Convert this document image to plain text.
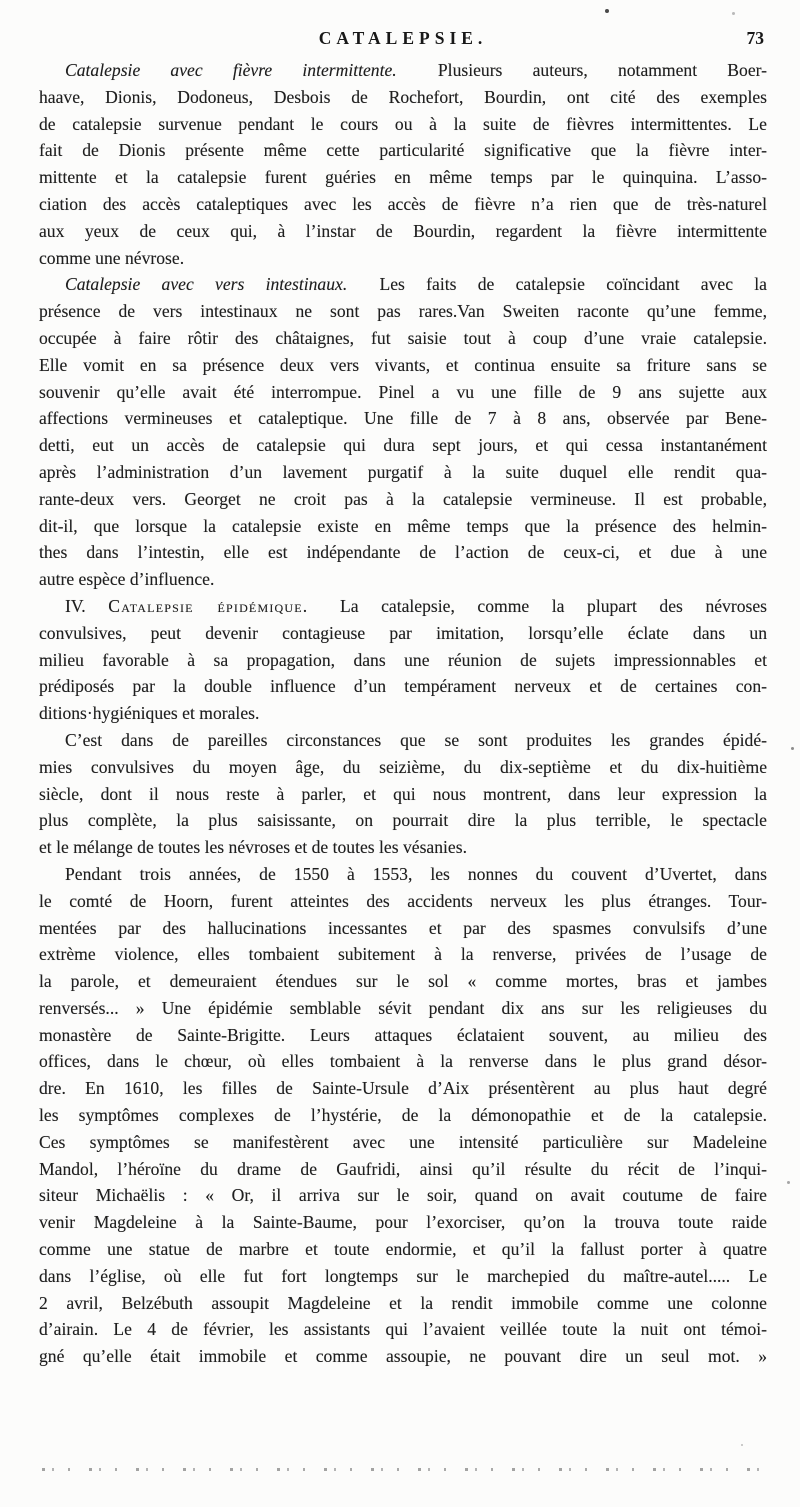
CATALEPSIE.	73
Catalepsie avec fièvre intermittente. Plusieurs auteurs, notamment Boer-
haave, Dionis, Dodoneus, Desbois de Rochefort, Bourdin, ont cité des exemples
de catalepsie survenue pendant le cours ou à la suite de fièvres intermittentes. Le
fait de Dionis présente même cette particularité significative que la fièvre inter-
mittente et la catalepsie furent guéries en même temps par le quinquina. L’asso-
ciation des accès cataleptiques avec les accès de fièvre n’a rien que de très-naturel
aux yeux de ceux qui, à l’instar de Bourdin, regardent la fièvre intermittente
comme une névrose.
Catalepsie avec vers intestinaux. Les faits de catalepsie coïncidant avec la
présence de vers intestinaux ne sont pas rares.Van Sweiten raconte qu’une femme,
occupée à faire rôtir des châtaignes, fut saisie tout à coup d’une vraie catalepsie.
Elle vomit en sa présence deux vers vivants, et continua ensuite sa friture sans se
souvenir qu’elle avait été interrompue. Pinel a vu une fille de 9 ans sujette aux
affections vermineuses et cataleptique. Une fille de 7 à 8 ans, observée par Bene-
detti, eut un accès de catalepsie qui dura sept jours, et qui cessa instantanément
après l’administration d’un lavement purgatif à la suite duquel elle rendit qua-
rante-deux vers. Georget ne croit pas à la catalepsie vermineuse. Il est probable,
dit-il, que lorsque la catalepsie existe en même temps que la présence des helmin-
thes dans l’intestin, elle est indépendante de l’action de ceux-ci, et due à une
autre espèce d’influence.
IV. Catalepsie épidémique. La catalepsie, comme la plupart des névroses
convulsives, peut devenir contagieuse par imitation, lorsqu’elle éclate dans un
milieu favorable à sa propagation, dans une réunion de sujets impressionnables et
prédiposés par la double influence d’un tempérament nerveux et de certaines con-
ditions·hygiéniques et morales.
C’est dans de pareilles circonstances que se sont produites les grandes épidé-
mies convulsives du moyen âge, du seizième, du dix-septième et du dix-huitième
siècle, dont il nous reste à parler, et qui nous montrent, dans leur expression la
plus complète, la plus saisissante, on pourrait dire la plus terrible, le spectacle
et le mélange de toutes les névroses et de toutes les vésanies.
Pendant trois années, de 1550 à 1553, les nonnes du couvent d’Uvertet, dans
le comté de Hoorn, furent atteintes des accidents nerveux les plus étranges. Tour-
mentées par des hallucinations incessantes et par des spasmes convulsifs d’une
extrème violence, elles tombaient subitement à la renverse, privées de l’usage de
la parole, et demeuraient étendues sur le sol « comme mortes, bras et jambes
renversés... » Une épidémie semblable sévit pendant dix ans sur les religieuses du
monastère de Sainte-Brigitte. Leurs attaques éclataient souvent, au milieu des
offices, dans le chœur, où elles tombaient à la renverse dans le plus grand désor-
dre. En 1610, les filles de Sainte-Ursule d’Aix présentèrent au plus haut degré
les symptômes complexes de l’hystérie, de la démonopathie et de la catalepsie.
Ces symptômes se manifestèrent avec une intensité particulière sur Madeleine
Mandol, l’héroïne du drame de Gaufridi, ainsi qu’il résulte du récit de l’inqui-
siteur Michaëlis : « Or, il arriva sur le soir, quand on avait coutume de faire
venir Magdeleine à la Sainte-Baume, pour l’exorciser, qu’on la trouva toute raide
comme une statue de marbre et toute endormie, et qu’il la fallust porter à quatre
dans l’église, où elle fut fort longtemps sur le marchepied du maître-autel..... Le
2 avril, Belzébuth assoupit Magdeleine et la rendit immobile comme une colonne
d’airain. Le 4 de février, les assistants qui l’avaient veillée toute la nuit ont témoi-
gné qu’elle était immobile et comme assoupie, ne pouvant dire un seul mot. »
